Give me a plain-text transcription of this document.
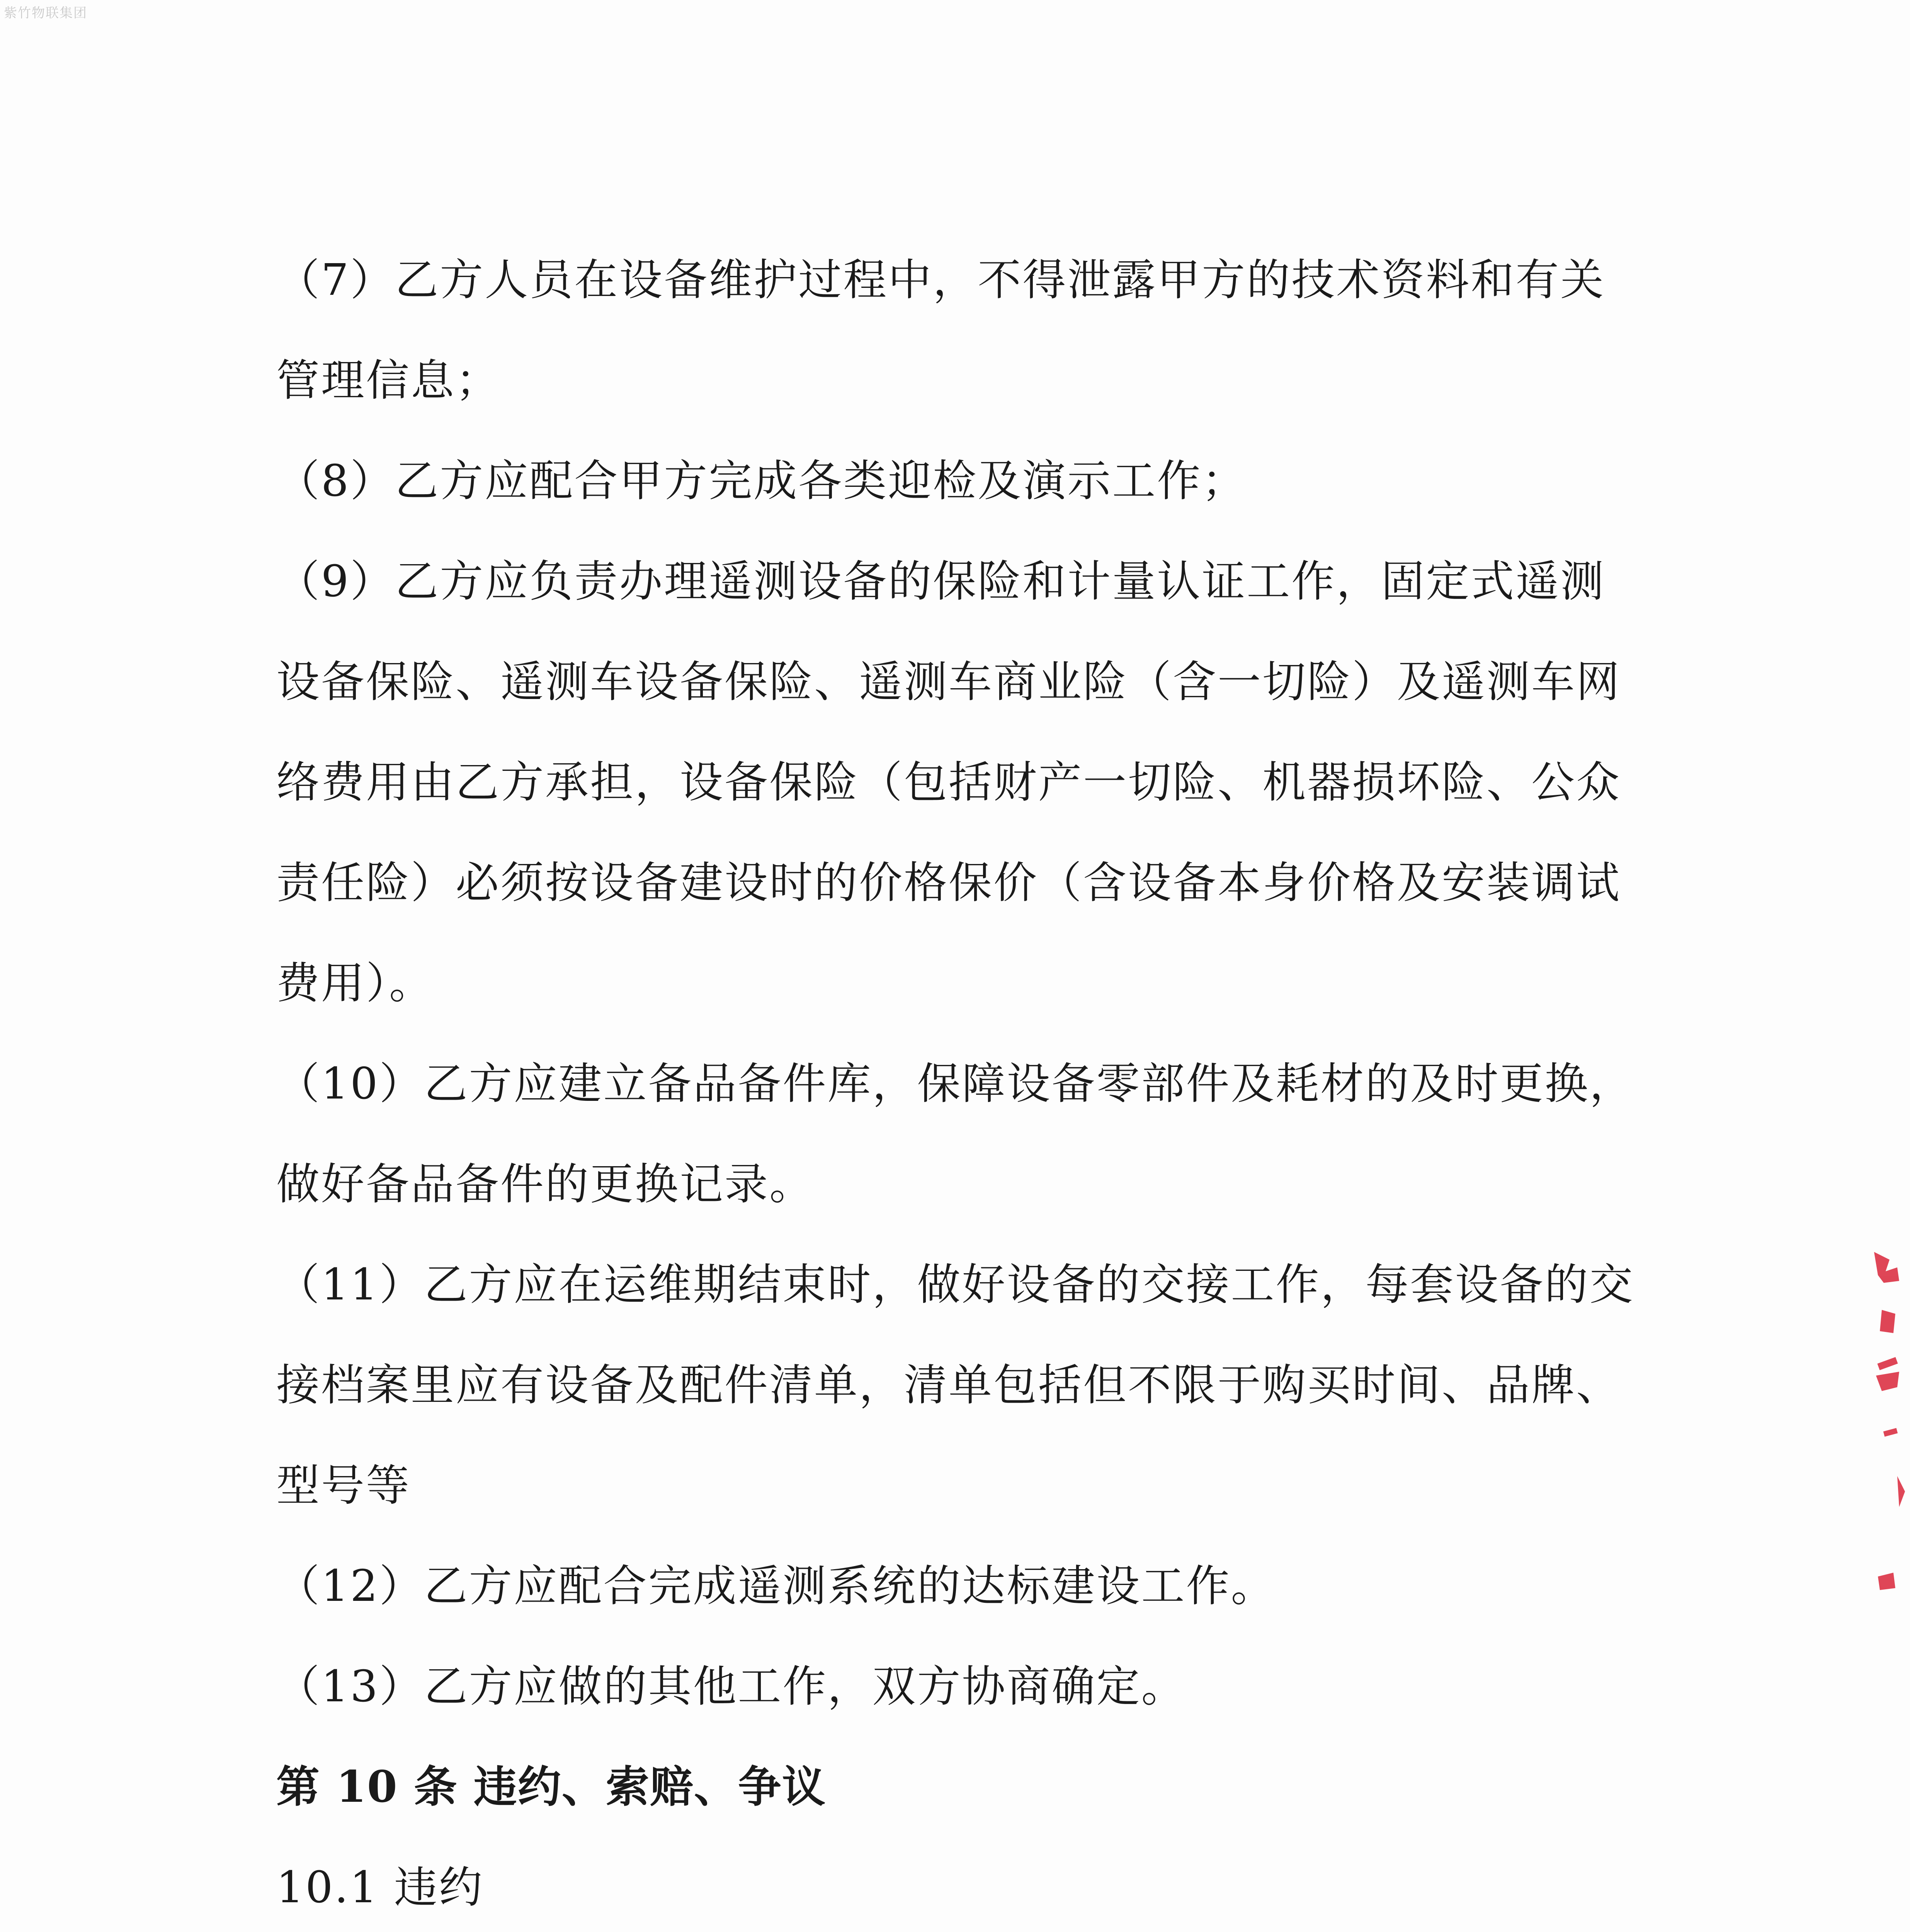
紫竹物联集团
（7）乙方人员在设备维护过程中，不得泄露甲方的技术资料和有关
管理信息；
（8）乙方应配合甲方完成各类迎检及演示工作；
（9）乙方应负责办理遥测设备的保险和计量认证工作，固定式遥测
设备保险、遥测车设备保险、遥测车商业险（含一切险）及遥测车网
络费用由乙方承担，设备保险（包括财产一切险、机器损坏险、公众
责任险）必须按设备建设时的价格保价（含设备本身价格及安装调试
费用）。
（10）乙方应建立备品备件库，保障设备零部件及耗材的及时更换，
做好备品备件的更换记录。
（11）乙方应在运维期结束时，做好设备的交接工作，每套设备的交
接档案里应有设备及配件清单，清单包括但不限于购买时间、品牌、
型号等
（12）乙方应配合完成遥测系统的达标建设工作。
（13）乙方应做的其他工作，双方协商确定。
第 10 条 违约、索赔、争议
10.1 违约
